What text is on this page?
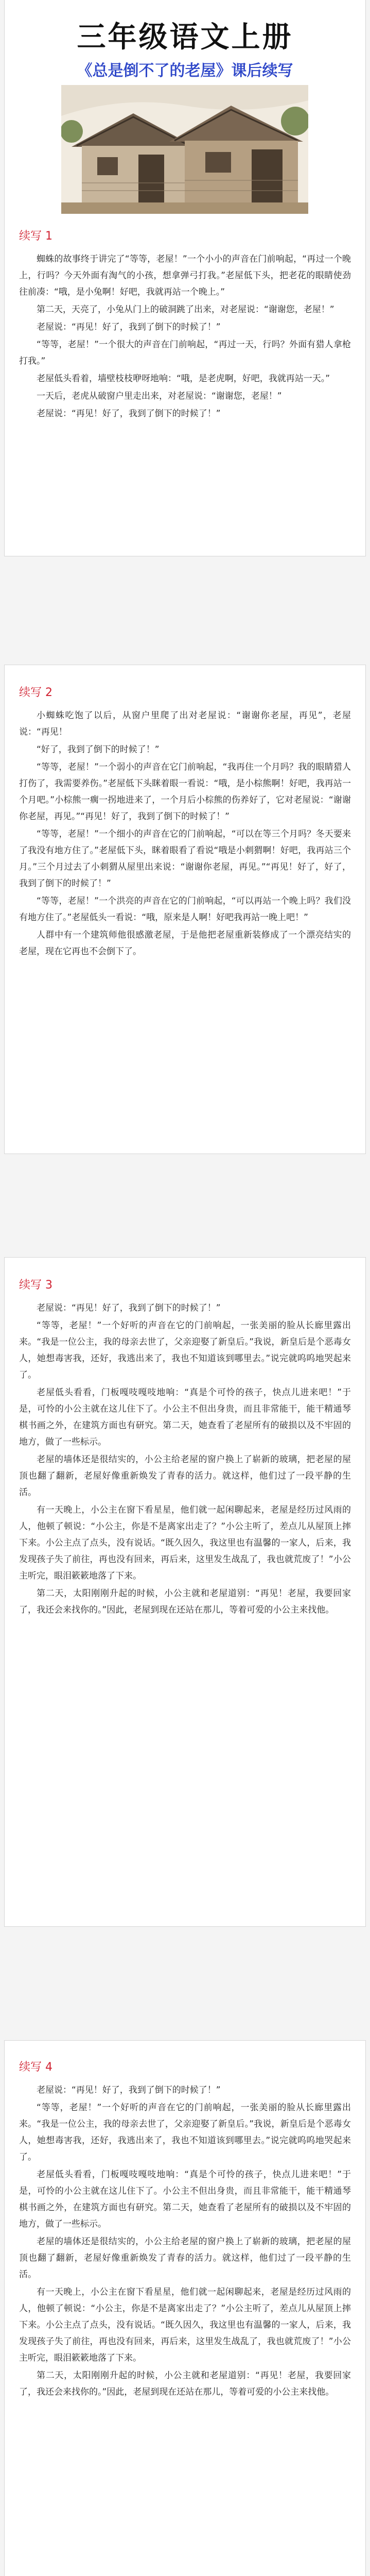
三年级语文上册
《总是倒不了的老屋》课后续写
续写 1

蜘蛛的故事终于讲完了“等等，老屋！”一个小小的声音在门前响起，“再过一个晚上，行吗？今天外面有淘气的小孩，想拿弹弓打我。”老屋低下头，把老花的眼睛使劲往前凑：“哦，是小兔啊！好吧，我就再站一个晚上。”

第二天，天亮了，小兔从门上的破洞跳了出来，对老屋说：“谢谢您，老屋！”

老屋说：“再见！好了，我到了倒下的时候了！”

“等等，老屋！”一个很大的声音在门前响起，“再过一天，行吗？外面有猎人拿枪打我。”

老屋低头看着，墙壁枝枝咿呀地响：“哦，是老虎啊，好吧，我就再站一天。”

一天后，老虎从破窗户里走出来，对老屋说：“谢谢您，老屋！”

老屋说：“再见！好了，我到了倒下的时候了！”

续写 2

小蜘蛛吃饱了以后，从窗户里爬了出对老屋说：“谢谢你老屋，再见”，老屋说：“再见！

“好了，我到了倒下的时候了！”

“等等，老屋！”一个弱小的声音在它门前响起，“我再住一个月吗？我的眼睛猎人打伤了，我需要养伤。”老屋低下头眯着眼一看说：“哦，是小棕熊啊！好吧，我再站一个月吧。”小棕熊一瘸一拐地进来了，一个月后小棕熊的伤养好了，它对老屋说：“谢谢你老屋，再见。”“再见！好了，我到了倒下的时候了！”

“等等，老屋！”一个细小的声音在它的门前响起，“可以在等三个月吗？冬天要来了我没有地方住了。”老屋低下头，眯着眼看了看说“哦是小刺猬啊！好吧，我再站三个月。”三个月过去了小刺猬从屋里出来说：“谢谢你老屋，再见。”“再见！好了，好了，我到了倒下的时候了！”

“等等，老屋！”一个洪亮的声音在它的门前响起，“可以再站一个晚上吗？我们没有地方住了。”老屋低头一看说：“哦，原来是人啊！好吧我再站一晚上吧！”

人群中有一个建筑师他很感激老屋，于是他把老屋重新装修成了一个漂亮结实的老屋，现在它再也不会倒下了。

续写 3

老屋说：“再见！好了，我到了倒下的时候了！”

“等等，老屋！”一个好听的声音在它的门前响起，一张美丽的脸从长廊里露出来。“我是一位公主，我的母亲去世了，父亲迎娶了新皇后。”我说，新皇后是个恶毒女人，她想毒害我，还好，我逃出来了，我也不知道该到哪里去。”说完就呜呜地哭起来了。

老屋低头看看，门板嘎吱嘎吱地响：“真是个可怜的孩子，快点儿进来吧！”于是，可怜的小公主就在这儿住下了。小公主不但出身贵，而且非常能干，能干精通琴棋书画之外，在建筑方面也有研究。第二天，她查看了老屋所有的破损以及不牢固的地方，做了一些标示。

老屋的墙体还是很结实的，小公主给老屋的窗户换上了崭新的玻璃，把老屋的屋顶也翻了翻新，老屋好像重新焕发了青春的活力。就这样，他们过了一段平静的生活。

有一天晚上，小公主在窗下看星星，他们就一起闲聊起来，老屋是经历过风雨的人，他顿了顿说：“小公主，你是不是离家出走了？”小公主听了，差点儿从屋顶上摔下来。小公主点了点头，没有说话。“既久因久，我这里也有温馨的一家人，后来，我发现孩子失了前往，再也没有回来，再后来，这里发生战乱了，我也就荒废了！”小公主听完，眼泪簌簌地落了下来。

第二天，太阳刚刚升起的时候，小公主就和老屋道别：“再见！老屋，我要回家了，我还会来找你的。”因此，老屋到现在还站在那儿，等着可爱的小公主来找他。

续写 4

老屋说：“再见！好了，我到了倒下的时候了！”

“等等，老屋！”一个好听的声音在它的门前响起，一张美丽的脸从长廊里露出来。“我是一位公主，我的母亲去世了，父亲迎娶了新皇后。”我说，新皇后是个恶毒女人，她想毒害我，还好，我逃出来了，我也不知道该到哪里去。”说完就呜呜地哭起来了。

老屋低头看看，门板嘎吱嘎吱地响：“真是个可怜的孩子，快点儿进来吧！”于是，可怜的小公主就在这儿住下了。小公主不但出身贵，而且非常能干，能干精通琴棋书画之外，在建筑方面也有研究。第二天，她查看了老屋所有的破损以及不牢固的地方，做了一些标示。

老屋的墙体还是很结实的，小公主给老屋的窗户换上了崭新的玻璃，把老屋的屋顶也翻了翻新，老屋好像重新焕发了青春的活力。就这样，他们过了一段平静的生活。

有一天晚上，小公主在窗下看星星，他们就一起闲聊起来，老屋是经历过风雨的人，他顿了顿说：“小公主，你是不是离家出走了？”小公主听了，差点儿从屋顶上摔下来。小公主点了点头，没有说话。“既久因久，我这里也有温馨的一家人，后来，我发现孩子失了前往，再也没有回来，再后来，这里发生战乱了，我也就荒废了！”小公主听完，眼泪簌簌地落了下来。

第二天，太阳刚刚升起的时候，小公主就和老屋道别：“再见！老屋，我要回家了，我还会来找你的。”因此，老屋到现在还站在那儿，等着可爱的小公主来找他。
